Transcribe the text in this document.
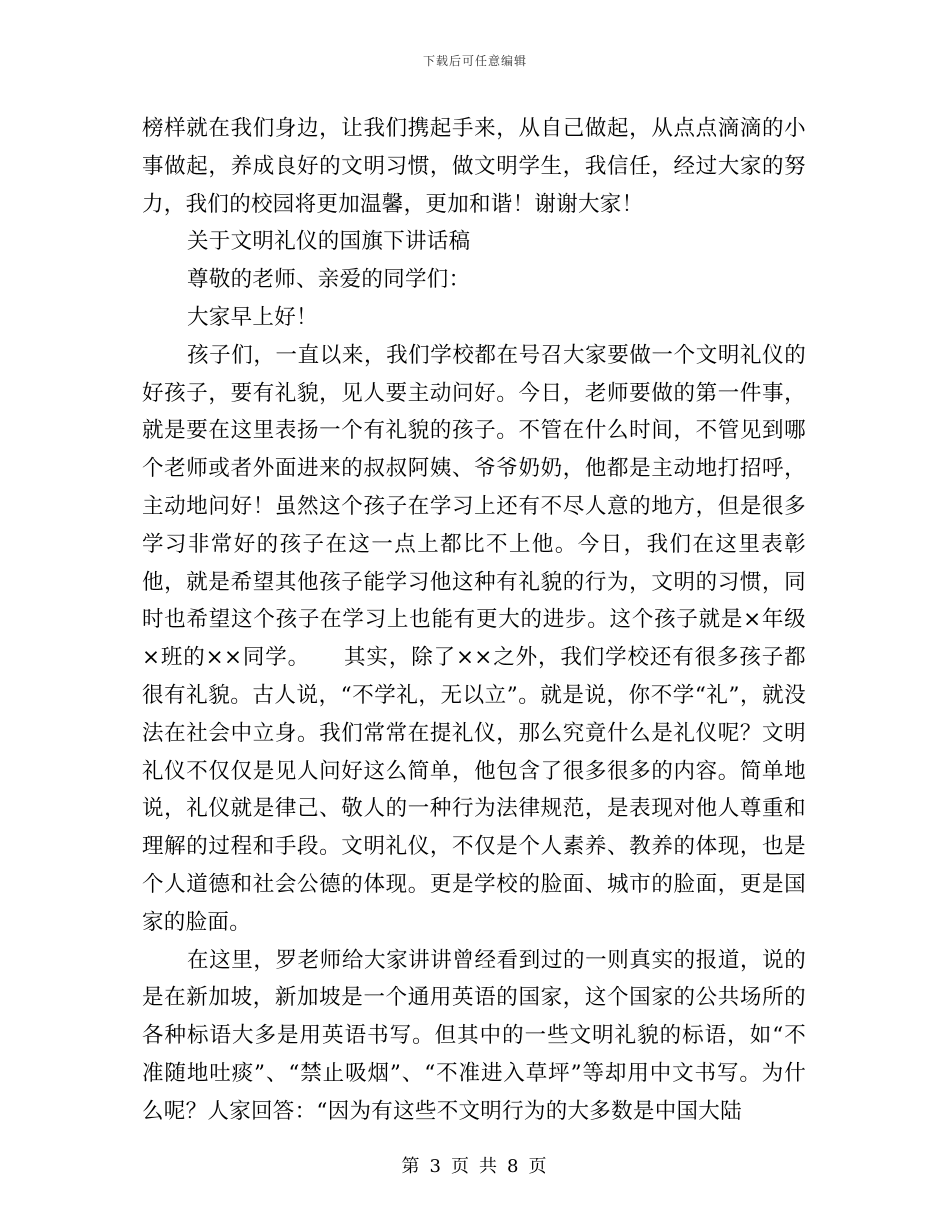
下载后可任意编辑

榜样就在我们身边，让我们携起手来，从自己做起，从点点滴滴的小事做起，养成良好的文明习惯，做文明学生，我信任，经过大家的努力，我们的校园将更加温馨，更加和谐！谢谢大家！

关于文明礼仪的国旗下讲话稿

尊敬的老师、亲爱的同学们：

大家早上好！

孩子们，一直以来，我们学校都在号召大家要做一个文明礼仪的好孩子，要有礼貌，见人要主动问好。今日，老师要做的第一件事，就是要在这里表扬一个有礼貌的孩子。不管在什么时间，不管见到哪个老师或者外面进来的叔叔阿姨、爷爷奶奶，他都是主动地打招呼，主动地问好！虽然这个孩子在学习上还有不尽人意的地方，但是很多学习非常好的孩子在这一点上都比不上他。今日，我们在这里表彰他，就是希望其他孩子能学习他这种有礼貌的行为，文明的习惯，同时也希望这个孩子在学习上也能有更大的进步。这个孩子就是×年级×班的××同学。　　其实，除了××之外，我们学校还有很多孩子都很有礼貌。古人说，“不学礼，无以立”。就是说，你不学“礼”，就没法在社会中立身。我们常常在提礼仪，那么究竟什么是礼仪呢？文明礼仪不仅仅是见人问好这么简单，他包含了很多很多的内容。简单地说，礼仪就是律己、敬人的一种行为法律规范，是表现对他人尊重和理解的过程和手段。文明礼仪，不仅是个人素养、教养的体现，也是个人道德和社会公德的体现。更是学校的脸面、城市的脸面，更是国家的脸面。

在这里，罗老师给大家讲讲曾经看到过的一则真实的报道，说的是在新加坡，新加坡是一个通用英语的国家，这个国家的公共场所的各种标语大多是用英语书写。但其中的一些文明礼貌的标语，如“不准随地吐痰”、“禁止吸烟”、“不准进入草坪”等却用中文书写。为什么呢？人家回答：“因为有这些不文明行为的大多数是中国大陆

第 3 页 共 8 页
